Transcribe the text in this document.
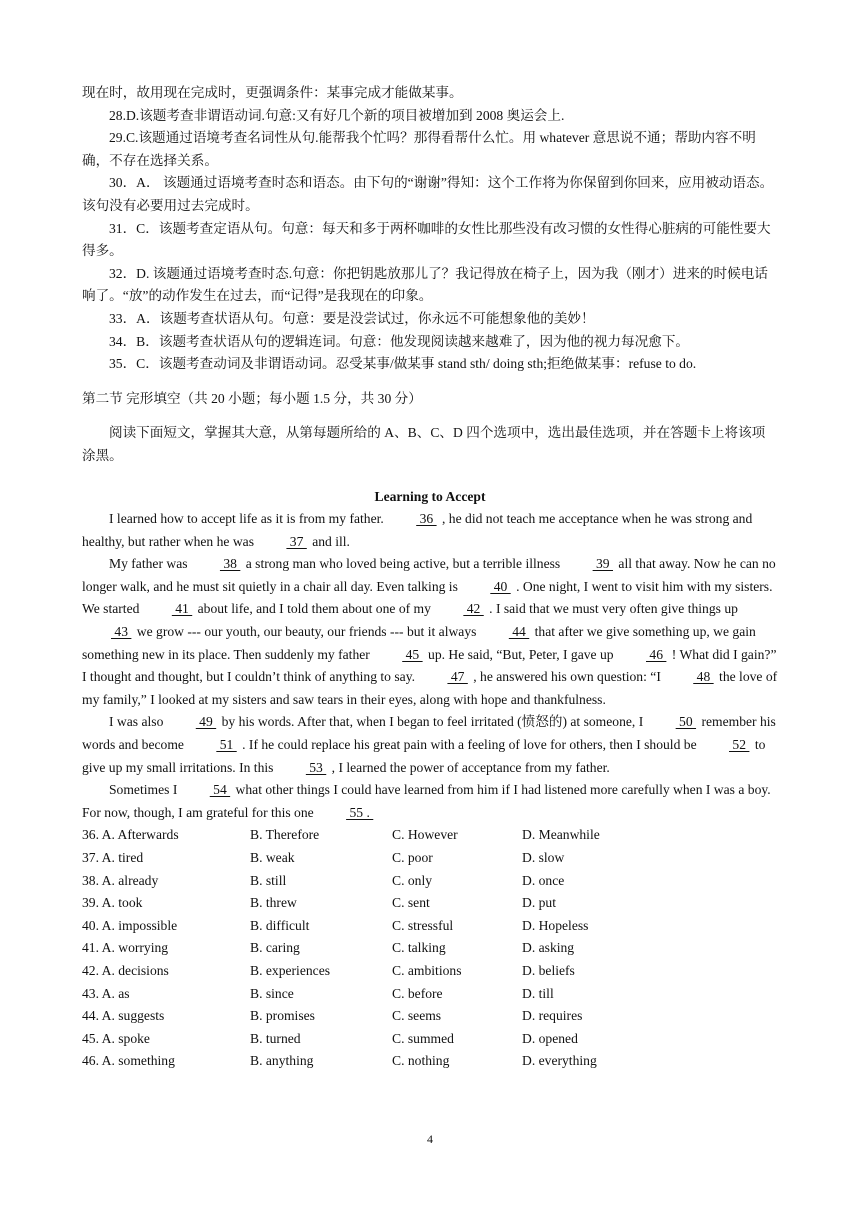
现在时，故用现在完成时，更强调条件：某事完成才能做某事。
28.D.该题考查非谓语动词.句意:又有好几个新的项目被增加到 2008 奥运会上.
29.C.该题通过语境考查名词性从句.能帮我个忙吗？那得看帮什么忙。用 whatever 意思说不通；帮助内容不明确，不存在选择关系。
30．A． 该题通过语境考查时态和语态。由下句的“谢谢”得知：这个工作将为你保留到你回来，应用被动语态。该句没有必要用过去完成时。
31．C．该题考查定语从句。句意：每天和多于两杯咖啡的女性比那些没有改习惯的女性得心脏病的可能性要大得多。
32．D. 该题通过语境考查时态.句意：你把钥匙放那儿了？我记得放在椅子上，因为我（刚才）进来的时候电话响了。“放”的动作发生在过去，而“记得”是我现在的印象。
33．A．该题考查状语从句。句意：要是没尝试过，你永远不可能想象他的美妙！
34．B．该题考查状语从句的逻辑连词。句意：他发现阅读越来越难了，因为他的视力每况愈下。
35．C．该题考查动词及非谓语动词。忍受某事/做某事 stand sth/ doing sth;拒绝做某事：refuse to do.
第二节 完形填空（共 20 小题；每小题 1.5 分，共 30 分）
阅读下面短文，掌握其大意，从第每题所给的 A、B、C、D 四个选项中，选出最佳选项，并在答题卡上将该项涂黑。
Learning to Accept
I learned how to accept life as it is from my father.  36  , he did not teach me acceptance when he was strong and healthy, but rather when he was  37  and ill.
My father was  38  a strong man who loved being active, but a terrible illness  39  all that away. Now he can no longer walk, and he must sit quietly in a chair all day. Even talking is  40  . One night, I went to visit him with my sisters. We started  41  about life, and I told them about one of my  42  . I said that we must very often give things up  43  we grow --- our youth, our beauty, our friends --- but it always  44  that after we give something up, we gain something new in its place. Then suddenly my father  45  up. He said, “But, Peter, I gave up  46  ! What did I gain?” I thought and thought, but I couldn’t think of anything to say.  47  , he answered his own question: “I  48  the love of my family,” I looked at my sisters and saw tears in their eyes, along with hope and thankfulness.
I was also  49  by his words. After that, when I began to feel irritated (愤怒的) at someone, I  50  remember his words and become  51  . If he could replace his great pain with a feeling of love for others, then I should be  52  to give up my small irritations. In this  53  , I learned the power of acceptance from my father.
Sometimes I  54  what other things I could have learned from him if I had listened more carefully when I was a boy. For now, though, I am grateful for this one  55 .
36. A. Afterwards	B. Therefore	C. However	D. Meanwhile
37. A. tired	B. weak	C. poor	D. slow
38. A. already	B. still	C. only	D. once
39. A. took	B. threw	C. sent	D. put
40. A. impossible	B. difficult	C. stressful	D. Hopeless
41. A. worrying	B. caring	C. talking	D. asking
42. A. decisions	B. experiences	C. ambitions	D. beliefs
43. A. as	B. since	C. before	D. till
44. A. suggests	B. promises	C. seems	D. requires
45. A. spoke	B. turned	C. summed	D. opened
46. A. something	B. anything	C. nothing	D. everything
4
